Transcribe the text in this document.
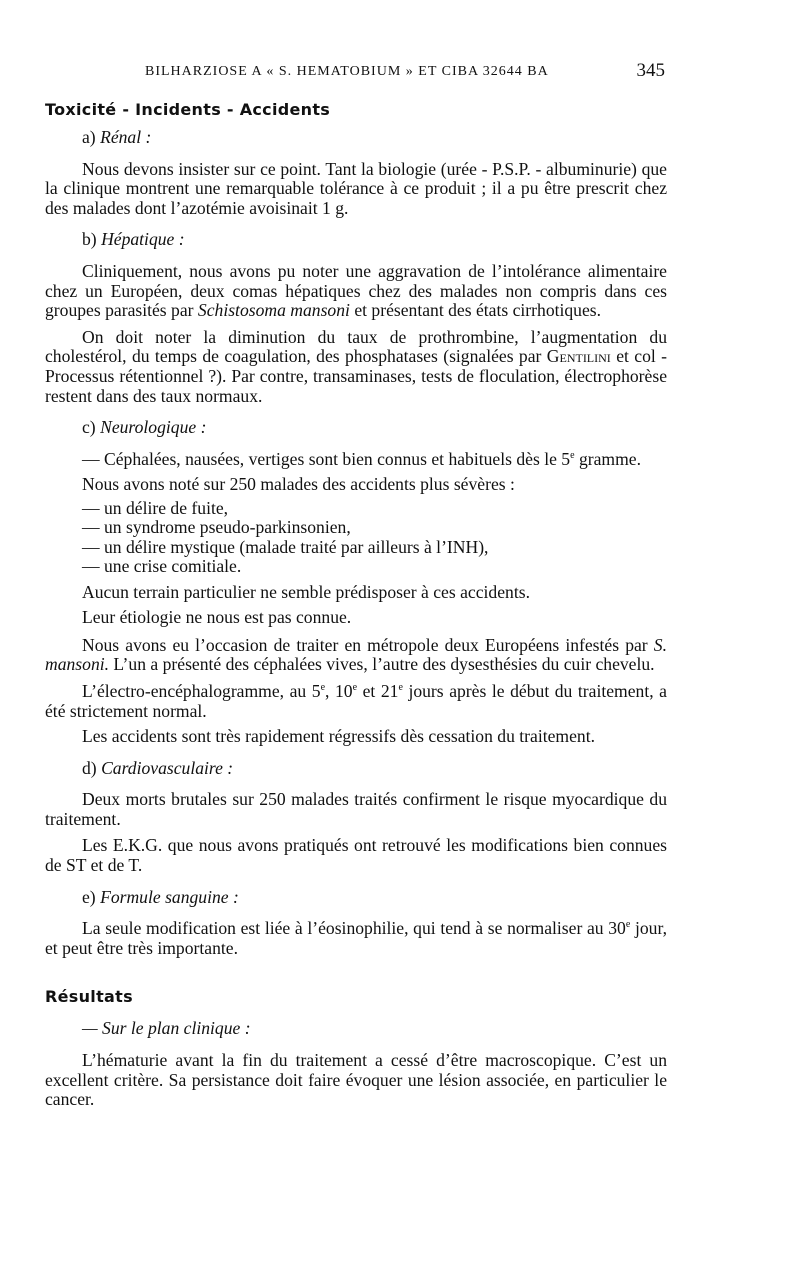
BILHARZIOSE A « S. HEMATOBIUM » ET CIBA 32644 BA	345
Toxicité - Incidents - Accidents
a) Rénal :

Nous devons insister sur ce point. Tant la biologie (urée - P.S.P. - albuminurie) que la clinique montrent une remarquable tolérance à ce produit ; il a pu être prescrit chez des malades dont l’azotémie avoisinait 1 g.

b) Hépatique :

Cliniquement, nous avons pu noter une aggravation de l’intolérance alimentaire chez un Européen, deux comas hépatiques chez des malades non compris dans ces groupes parasités par Schistosoma mansoni et présentant des états cirrhotiques.

On doit noter la diminution du taux de prothrombine, l’augmentation du cholestérol, du temps de coagulation, des phosphatases (signalées par Gentilini et col - Processus rétentionnel ?). Par contre, transaminases, tests de floculation, électrophorèse restent dans des taux normaux.

c) Neurologique :

— Céphalées, nausées, vertiges sont bien connus et habituels dès le 5e gramme.

Nous avons noté sur 250 malades des accidents plus sévères :
— un délire de fuite,
— un syndrome pseudo-parkinsonien,
— un délire mystique (malade traité par ailleurs à l’INH),
— une crise comitiale.
Aucun terrain particulier ne semble prédisposer à ces accidents.
Leur étiologie ne nous est pas connue.

Nous avons eu l’occasion de traiter en métropole deux Européens infestés par S. mansoni. L’un a présenté des céphalées vives, l’autre des dysesthésies du cuir chevelu.

L’électro-encéphalogramme, au 5e, 10e et 21e jours après le début du traitement, a été strictement normal.

Les accidents sont très rapidement régressifs dès cessation du traitement.
d) Cardiovasculaire :

Deux morts brutales sur 250 malades traités confirment le risque myocardique du traitement.

Les E.K.G. que nous avons pratiqués ont retrouvé les modifications bien connues de ST et de T.

e) Formule sanguine :

La seule modification est liée à l’éosinophilie, qui tend à se normaliser au 30e jour, et peut être très importante.

Résultats
— Sur le plan clinique :

L’hématurie avant la fin du traitement a cessé d’être macroscopique. C’est un excellent critère. Sa persistance doit faire évoquer une lésion associée, en particulier le cancer.
